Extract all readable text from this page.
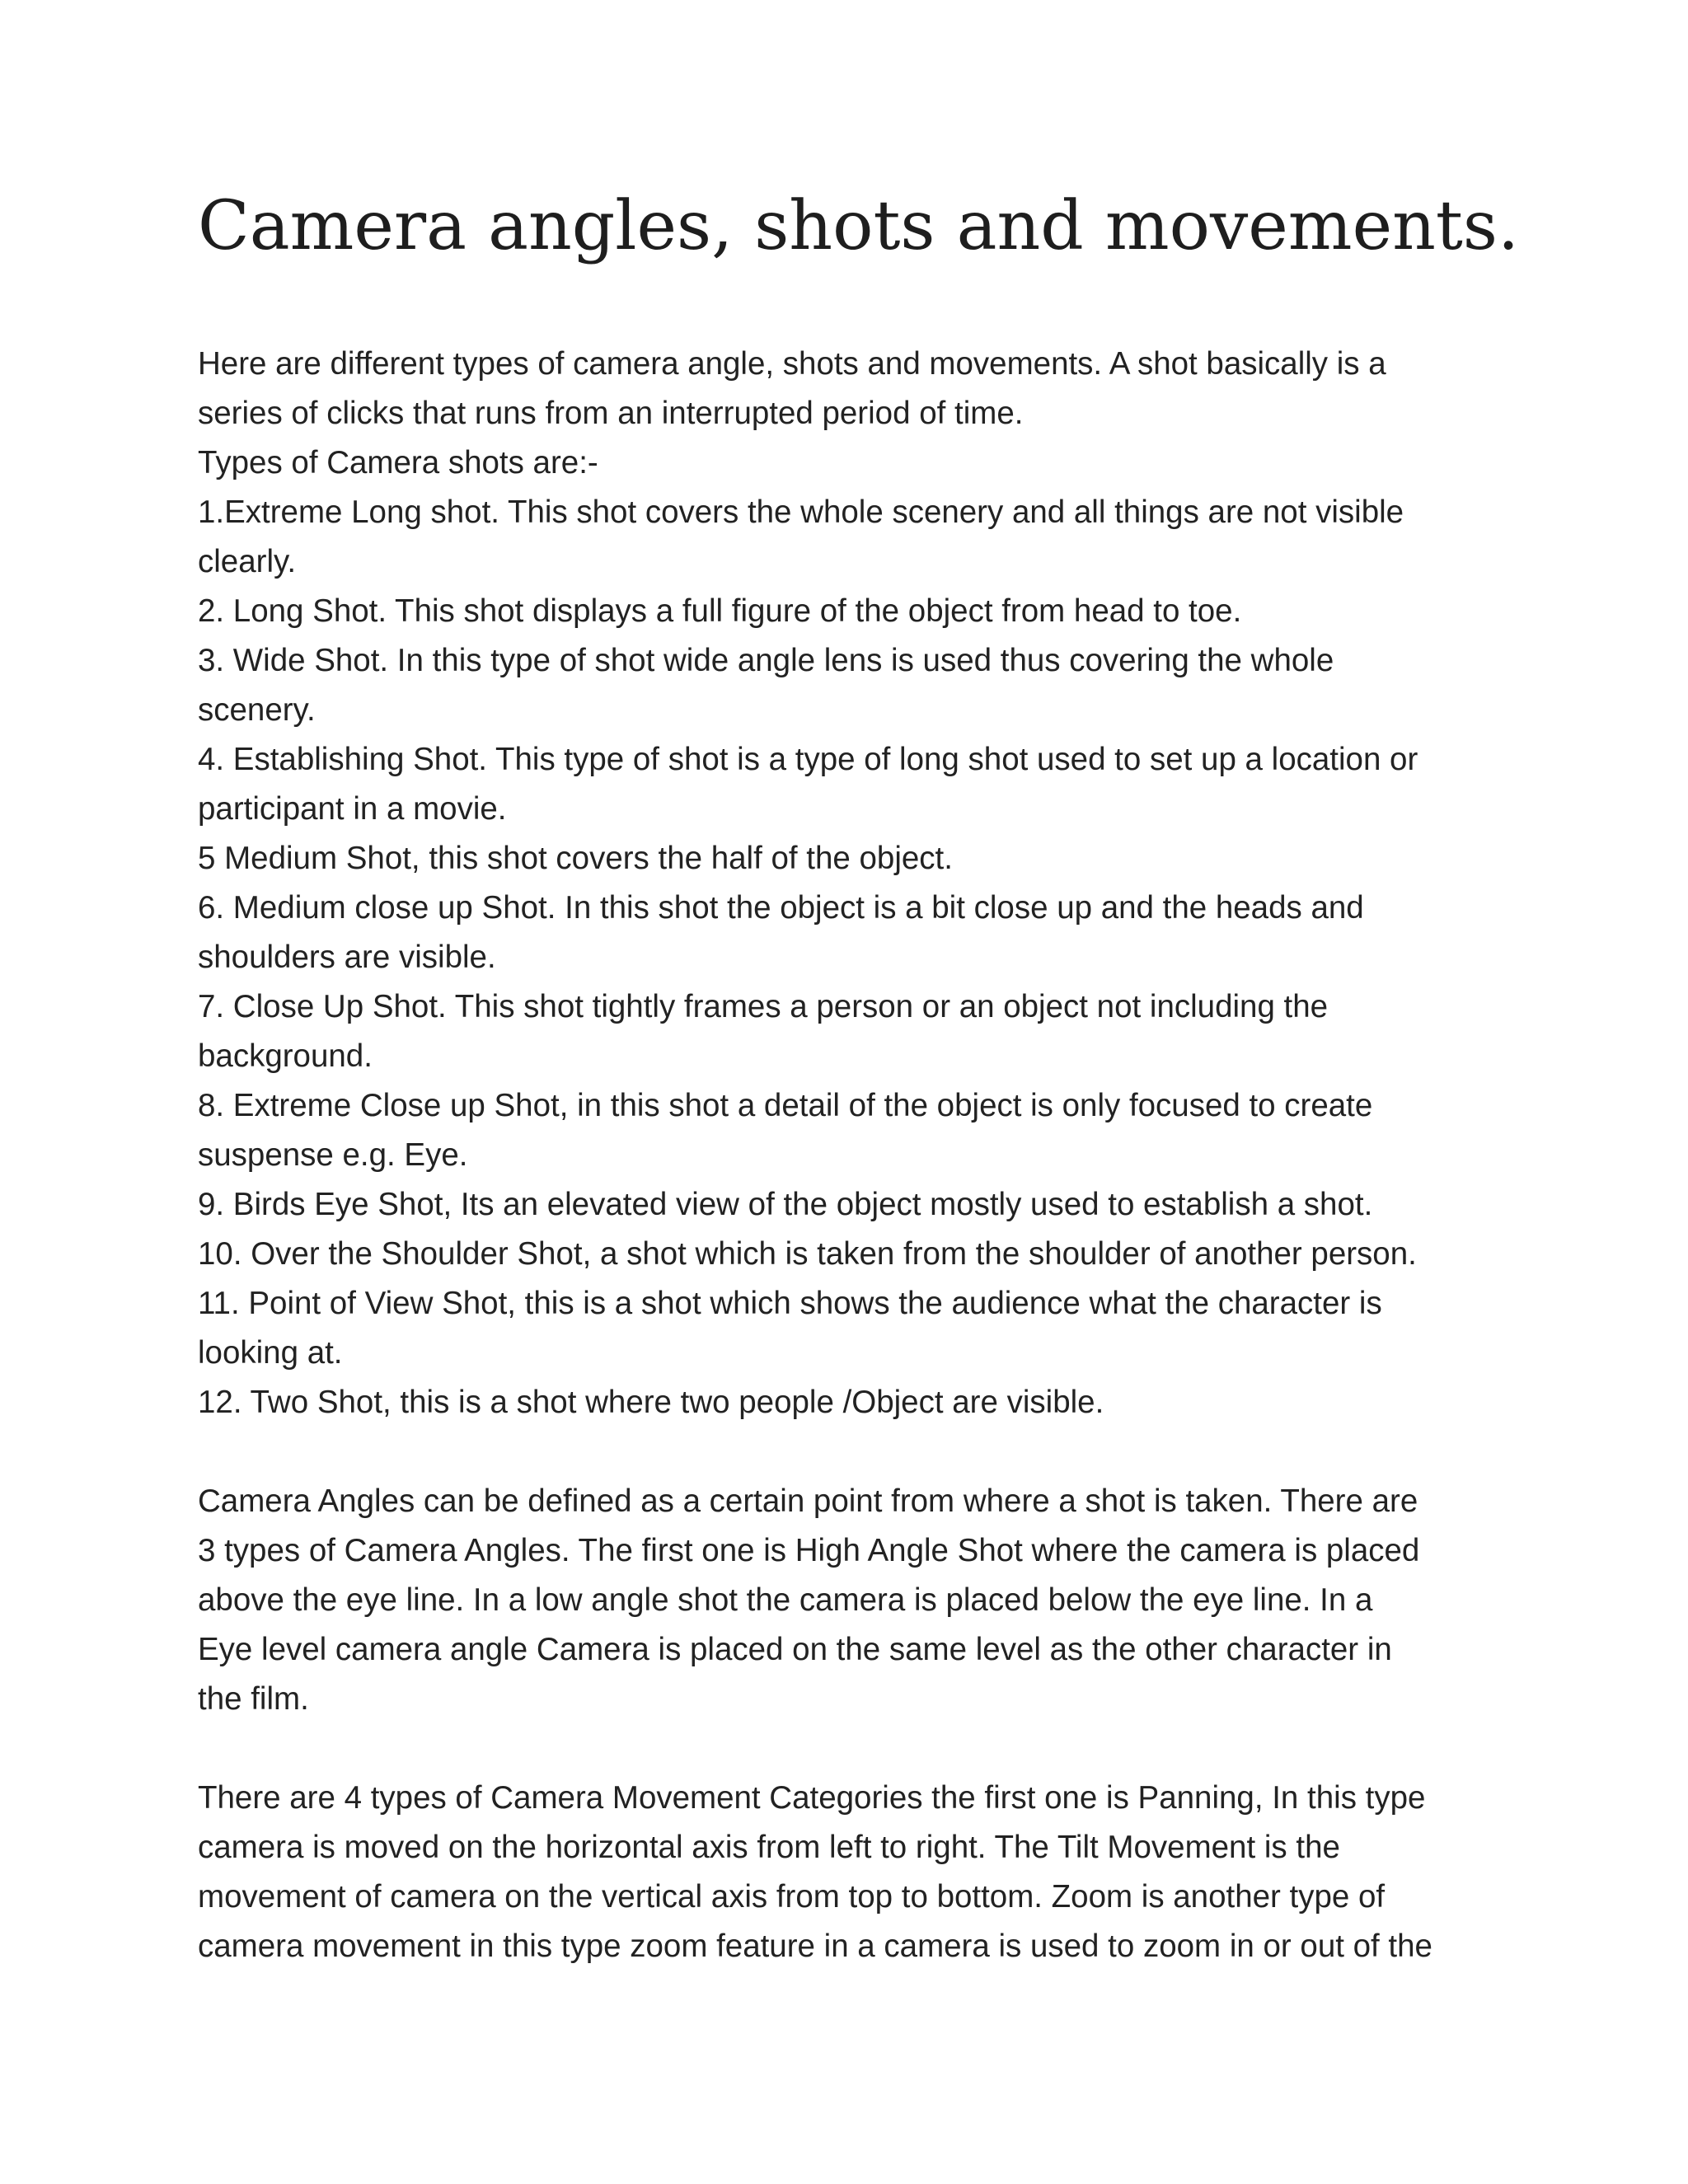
Camera angles, shots and movements.
Here are different types of camera angle, shots and movements. A shot basically is a
series of clicks that runs from an interrupted period of time.
Types of Camera shots are:-
1.Extreme Long shot. This shot covers the whole scenery and all things are not visible
clearly.
2. Long Shot. This shot displays a full figure of the object from head to toe.
3. Wide Shot. In this type of shot wide angle lens is used thus covering the whole
scenery.
4. Establishing Shot. This type of shot is a type of long shot used to set up a location or
participant in a movie.
5 Medium Shot, this shot covers the half of the object.
6. Medium close up Shot. In this shot the object is a bit close up and the heads and
shoulders are visible.
7. Close Up Shot. This shot tightly frames a person or an object not including the
background.
8. Extreme Close up Shot, in this shot a detail of the object is only focused to create
suspense e.g. Eye.
9. Birds Eye Shot, Its an elevated view of the object mostly used to establish a shot.
10. Over the Shoulder Shot, a shot which is taken from the shoulder of another person.
11. Point of View Shot, this is a shot which shows the audience what the character is
looking at.
12. Two Shot, this is a shot where two people /Object are visible.
Camera Angles can be defined as a certain point from where a shot is taken. There are
3 types of Camera Angles. The first one is High Angle Shot where the camera is placed
above the eye line. In a low angle shot the camera is placed below the eye line. In a
Eye level camera angle Camera is placed on the same level as the other character in
the film.
There are 4 types of Camera Movement Categories the first one is Panning, In this type
camera is moved on the horizontal axis from left to right. The Tilt Movement is the
movement of camera on the vertical axis from top to bottom. Zoom is another type of
camera movement in this type zoom feature in a camera is used to zoom in or out of the
